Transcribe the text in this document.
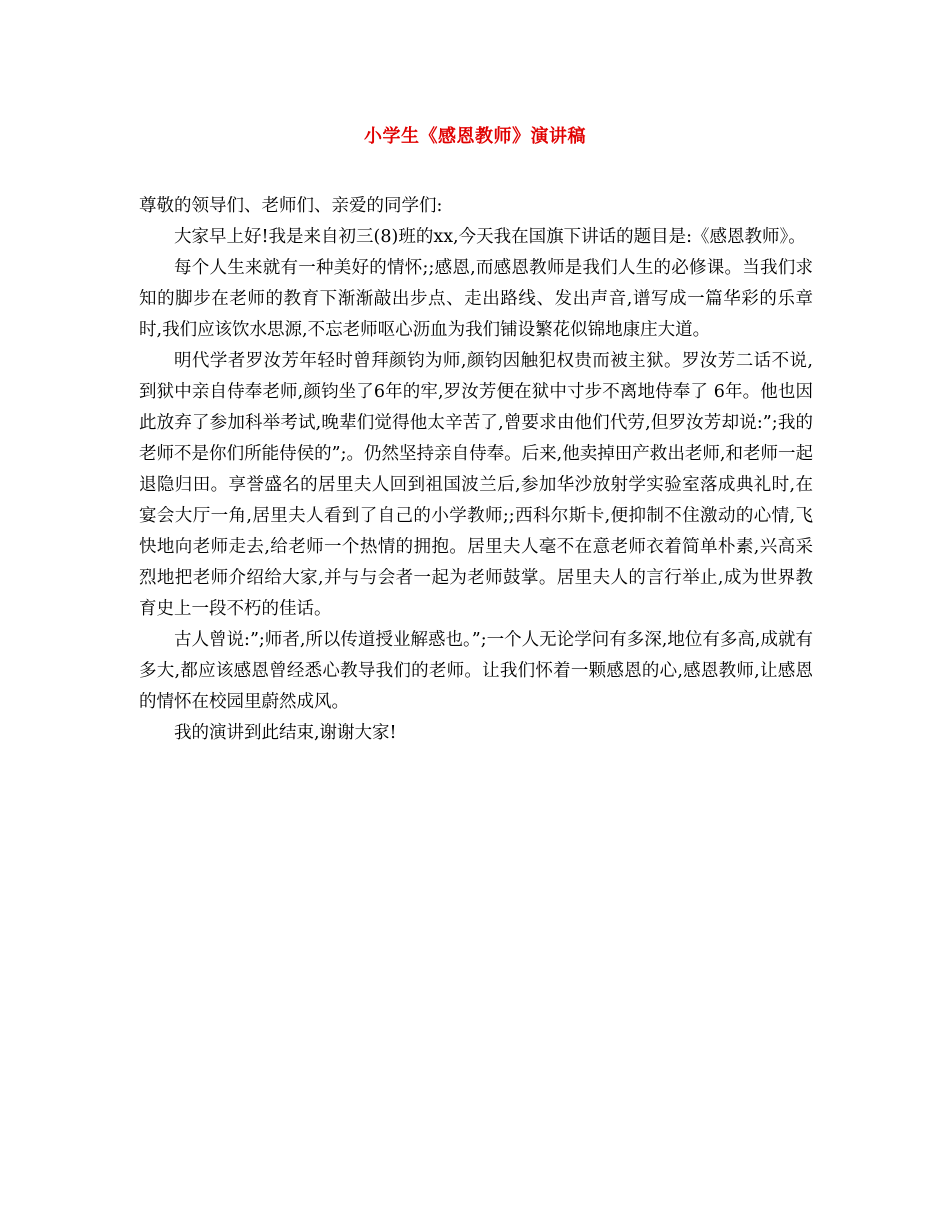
小学生《感恩教师》演讲稿

尊敬的领导们、老师们、亲爱的同学们:

大家早上好!我是来自初三(8)班的xx,今天我在国旗下讲话的题目是:《感恩教师》。

每个人生来就有一种美好的情怀;;感恩,而感恩教师是我们人生的必修课。当我们求知的脚步在老师的教育下渐渐敲出步点、走出路线、发出声音,谱写成一篇华彩的乐章时,我们应该饮水思源,不忘老师呕心沥血为我们铺设繁花似锦地康庄大道。

明代学者罗汝芳年轻时曾拜颜钧为师,颜钧因触犯权贵而被主狱。罗汝芳二话不说,到狱中亲自侍奉老师,颜钧坐了6年的牢,罗汝芳便在狱中寸步不离地侍奉了 6年。他也因此放弃了参加科举考试,晚辈们觉得他太辛苦了,曾要求由他们代劳,但罗汝芳却说:”;我的老师不是你们所能侍侯的”;。仍然坚持亲自侍奉。后来,他卖掉田产救出老师,和老师一起退隐归田。享誉盛名的居里夫人回到祖国波兰后,参加华沙放射学实验室落成典礼时,在宴会大厅一角,居里夫人看到了自己的小学教师;;西科尔斯卡,便抑制不住激动的心情,飞快地向老师走去,给老师一个热情的拥抱。居里夫人毫不在意老师衣着简单朴素,兴高采烈地把老师介绍给大家,并与与会者一起为老师鼓掌。居里夫人的言行举止,成为世界教育史上一段不朽的佳话。

古人曾说:”;师者,所以传道授业解惑也。”;一个人无论学问有多深,地位有多高,成就有多大,都应该感恩曾经悉心教导我们的老师。让我们怀着一颗感恩的心,感恩教师,让感恩的情怀在校园里蔚然成风。

我的演讲到此结束,谢谢大家!
